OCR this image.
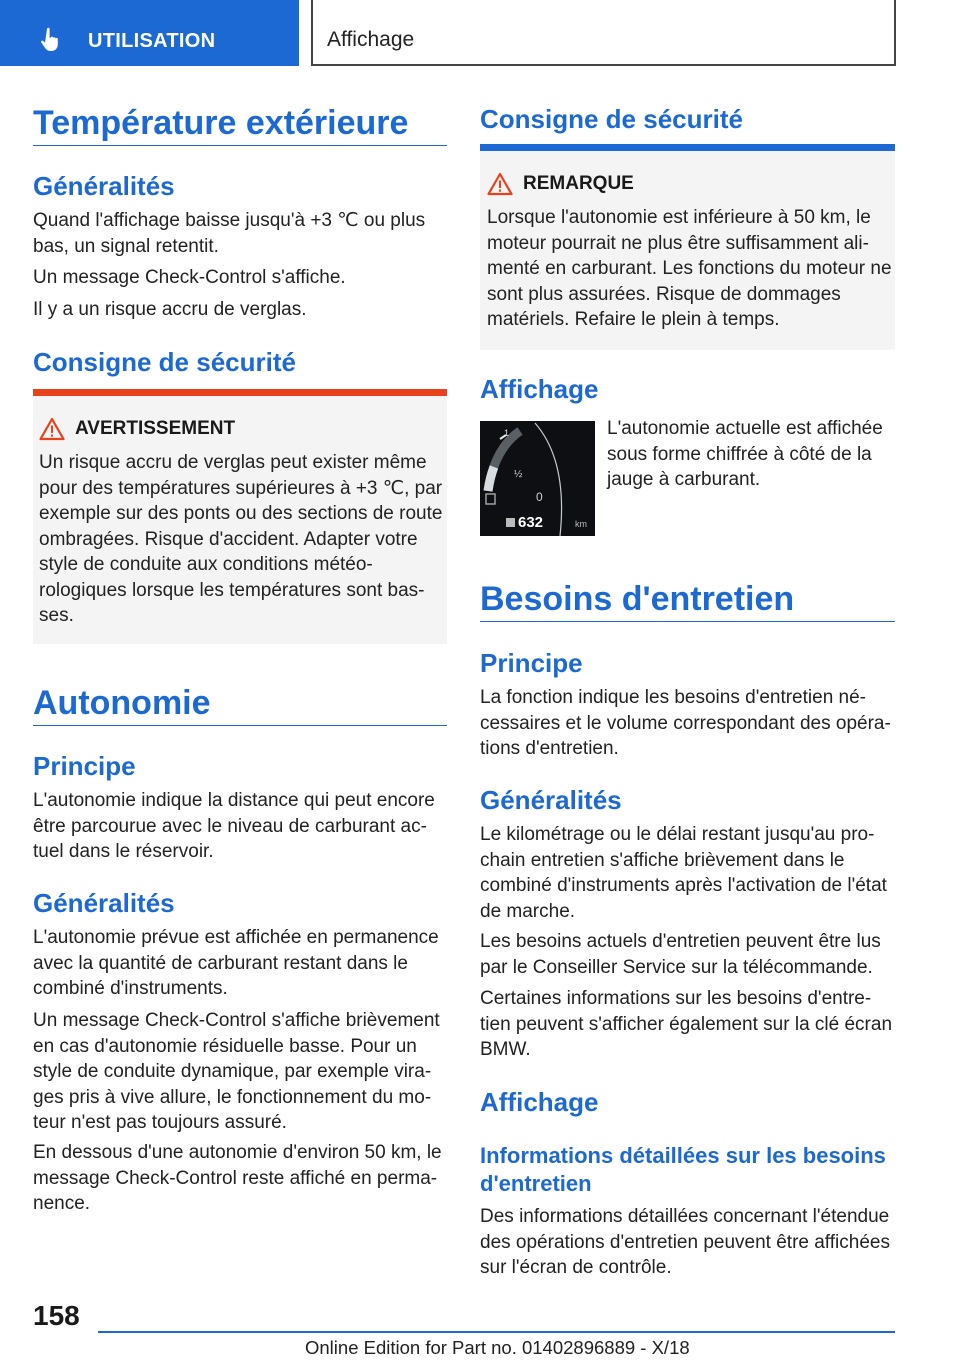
UTILISATION	Affichage
Température extérieure
Généralités
Quand l'affichage baisse jusqu'à +3 ℃ ou plus bas, un signal retentit.
Un message Check-Control s'affiche.
Il y a un risque accru de verglas.
Consigne de sécurité
AVERTISSEMENT
Un risque accru de verglas peut exister même pour des températures supérieures à +3 ℃, par exemple sur des ponts ou des sections de route ombragées. Risque d'accident. Adapter votre style de conduite aux conditions météo-rologiques lorsque les températures sont bas-ses.
Autonomie
Principe
L'autonomie indique la distance qui peut encore être parcourue avec le niveau de carburant ac-tuel dans le réservoir.
Généralités
L'autonomie prévue est affichée en permanence avec la quantité de carburant restant dans le combiné d'instruments.
Un message Check-Control s'affiche brièvement en cas d'autonomie résiduelle basse. Pour un style de conduite dynamique, par exemple vira-ges pris à vive allure, le fonctionnement du mo-teur n'est pas toujours assuré.
En dessous d'une autonomie d'environ 50 km, le message Check-Control reste affiché en perma-nence.
Consigne de sécurité
REMARQUE
Lorsque l'autonomie est inférieure à 50 km, le moteur pourrait ne plus être suffisamment ali-menté en carburant. Les fonctions du moteur ne sont plus assurées. Risque de dommages matériels. Refaire le plein à temps.
Affichage
1
½
0
632	km
L'autonomie actuelle est affichée sous forme chiffrée à côté de la jauge à carburant.
Besoins d'entretien
Principe
La fonction indique les besoins d'entretien né-cessaires et le volume correspondant des opéra-tions d'entretien.
Généralités
Le kilométrage ou le délai restant jusqu'au pro-chain entretien s'affiche brièvement dans le combiné d'instruments après l'activation de l'état de marche.
Les besoins actuels d'entretien peuvent être lus par le Conseiller Service sur la télécommande.
Certaines informations sur les besoins d'entre-tien peuvent s'afficher également sur la clé écran BMW.
Affichage
Informations détaillées sur les besoins d'entretien
Des informations détaillées concernant l'étendue des opérations d'entretien peuvent être affichées sur l'écran de contrôle.
158
Online Edition for Part no. 01402896889 - X/18
